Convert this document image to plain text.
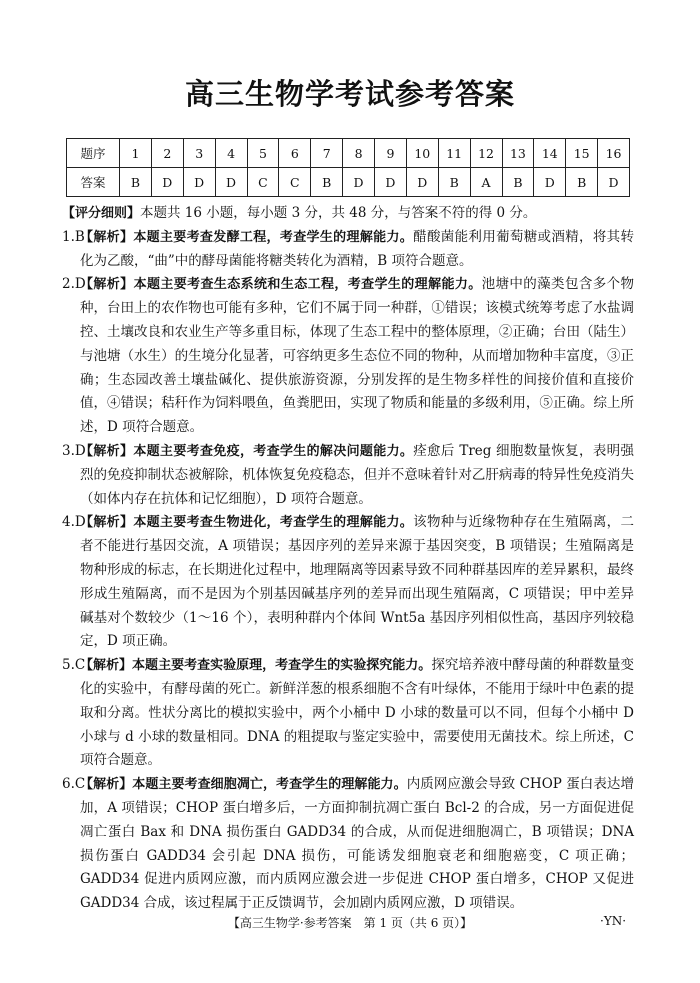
高三生物学考试参考答案
题序	1	2	3	4	5	6	7	8	9	10	11	12	13	14	15	16
答案	B	D	D	D	C	C	B	D	D	D	B	A	B	D	B	D

【评分细则】本题共 16 小题，每小题 3 分，共 48 分，与答案不符的得 0 分。

1.B
【解析】本题主要考查发酵工程，考查学生的理解能力。醋酸菌能利用葡萄糖或酒精，将其转化为乙酸，“曲”中的酵母菌能将糖类转化为酒精，B 项符合题意。

2.D
【解析】本题主要考查生态系统和生态工程，考查学生的理解能力。池塘中的藻类包含多个物种，台田上的农作物也可能有多种，它们不属于同一种群，①错误；该模式统筹考虑了水盐调控、土壤改良和农业生产等多重目标，体现了生态工程中的整体原理，②正确；台田（陆生）与池塘（水生）的生境分化显著，可容纳更多生态位不同的物种，从而增加物种丰富度，③正确；生态园改善土壤盐碱化、提供旅游资源，分别发挥的是生物多样性的间接价值和直接价值，④错误；秸秆作为饲料喂鱼，鱼粪肥田，实现了物质和能量的多级利用，⑤正确。综上所述，D 项符合题意。

3.D
【解析】本题主要考查免疫，考查学生的解决问题能力。痊愈后 Treg 细胞数量恢复，表明强烈的免疫抑制状态被解除，机体恢复免疫稳态，但并不意味着针对乙肝病毒的特异性免疫消失（如体内存在抗体和记忆细胞），D 项符合题意。

4.D
【解析】本题主要考查生物进化，考查学生的理解能力。该物种与近缘物种存在生殖隔离，二者不能进行基因交流，A 项错误；基因序列的差异来源于基因突变，B 项错误；生殖隔离是物种形成的标志，在长期进化过程中，地理隔离等因素导致不同种群基因库的差异累积，最终形成生殖隔离，而不是因为个别基因碱基序列的差异而出现生殖隔离，C 项错误；甲中差异碱基对个数较少（1～16 个），表明种群内个体间 Wnt5a 基因序列相似性高，基因序列较稳定，D 项正确。

5.C
【解析】本题主要考查实验原理，考查学生的实验探究能力。探究培养液中酵母菌的种群数量变化的实验中，有酵母菌的死亡。新鲜洋葱的根系细胞不含有叶绿体，不能用于绿叶中色素的提取和分离。性状分离比的模拟实验中，两个小桶中 D 小球的数量可以不同，但每个小桶中 D 小球与 d 小球的数量相同。DNA 的粗提取与鉴定实验中，需要使用无菌技术。综上所述，C 项符合题意。

6.C
【解析】本题主要考查细胞凋亡，考查学生的理解能力。内质网应激会导致 CHOP 蛋白表达增加，A 项错误；CHOP 蛋白增多后，一方面抑制抗凋亡蛋白 Bcl-2 的合成，另一方面促进促凋亡蛋白 Bax 和 DNA 损伤蛋白 GADD34 的合成，从而促进细胞凋亡，B 项错误；DNA 损伤蛋白 GADD34 会引起 DNA 损伤，可能诱发细胞衰老和细胞癌变，C 项正确；GADD34 促进内质网应激，而内质网应激会进一步促进 CHOP 蛋白增多，CHOP 又促进 GADD34 合成，该过程属于正反馈调节，会加剧内质网应激，D 项错误。

【高三生物学·参考答案　第 1 页（共 6 页）】	·YN·
